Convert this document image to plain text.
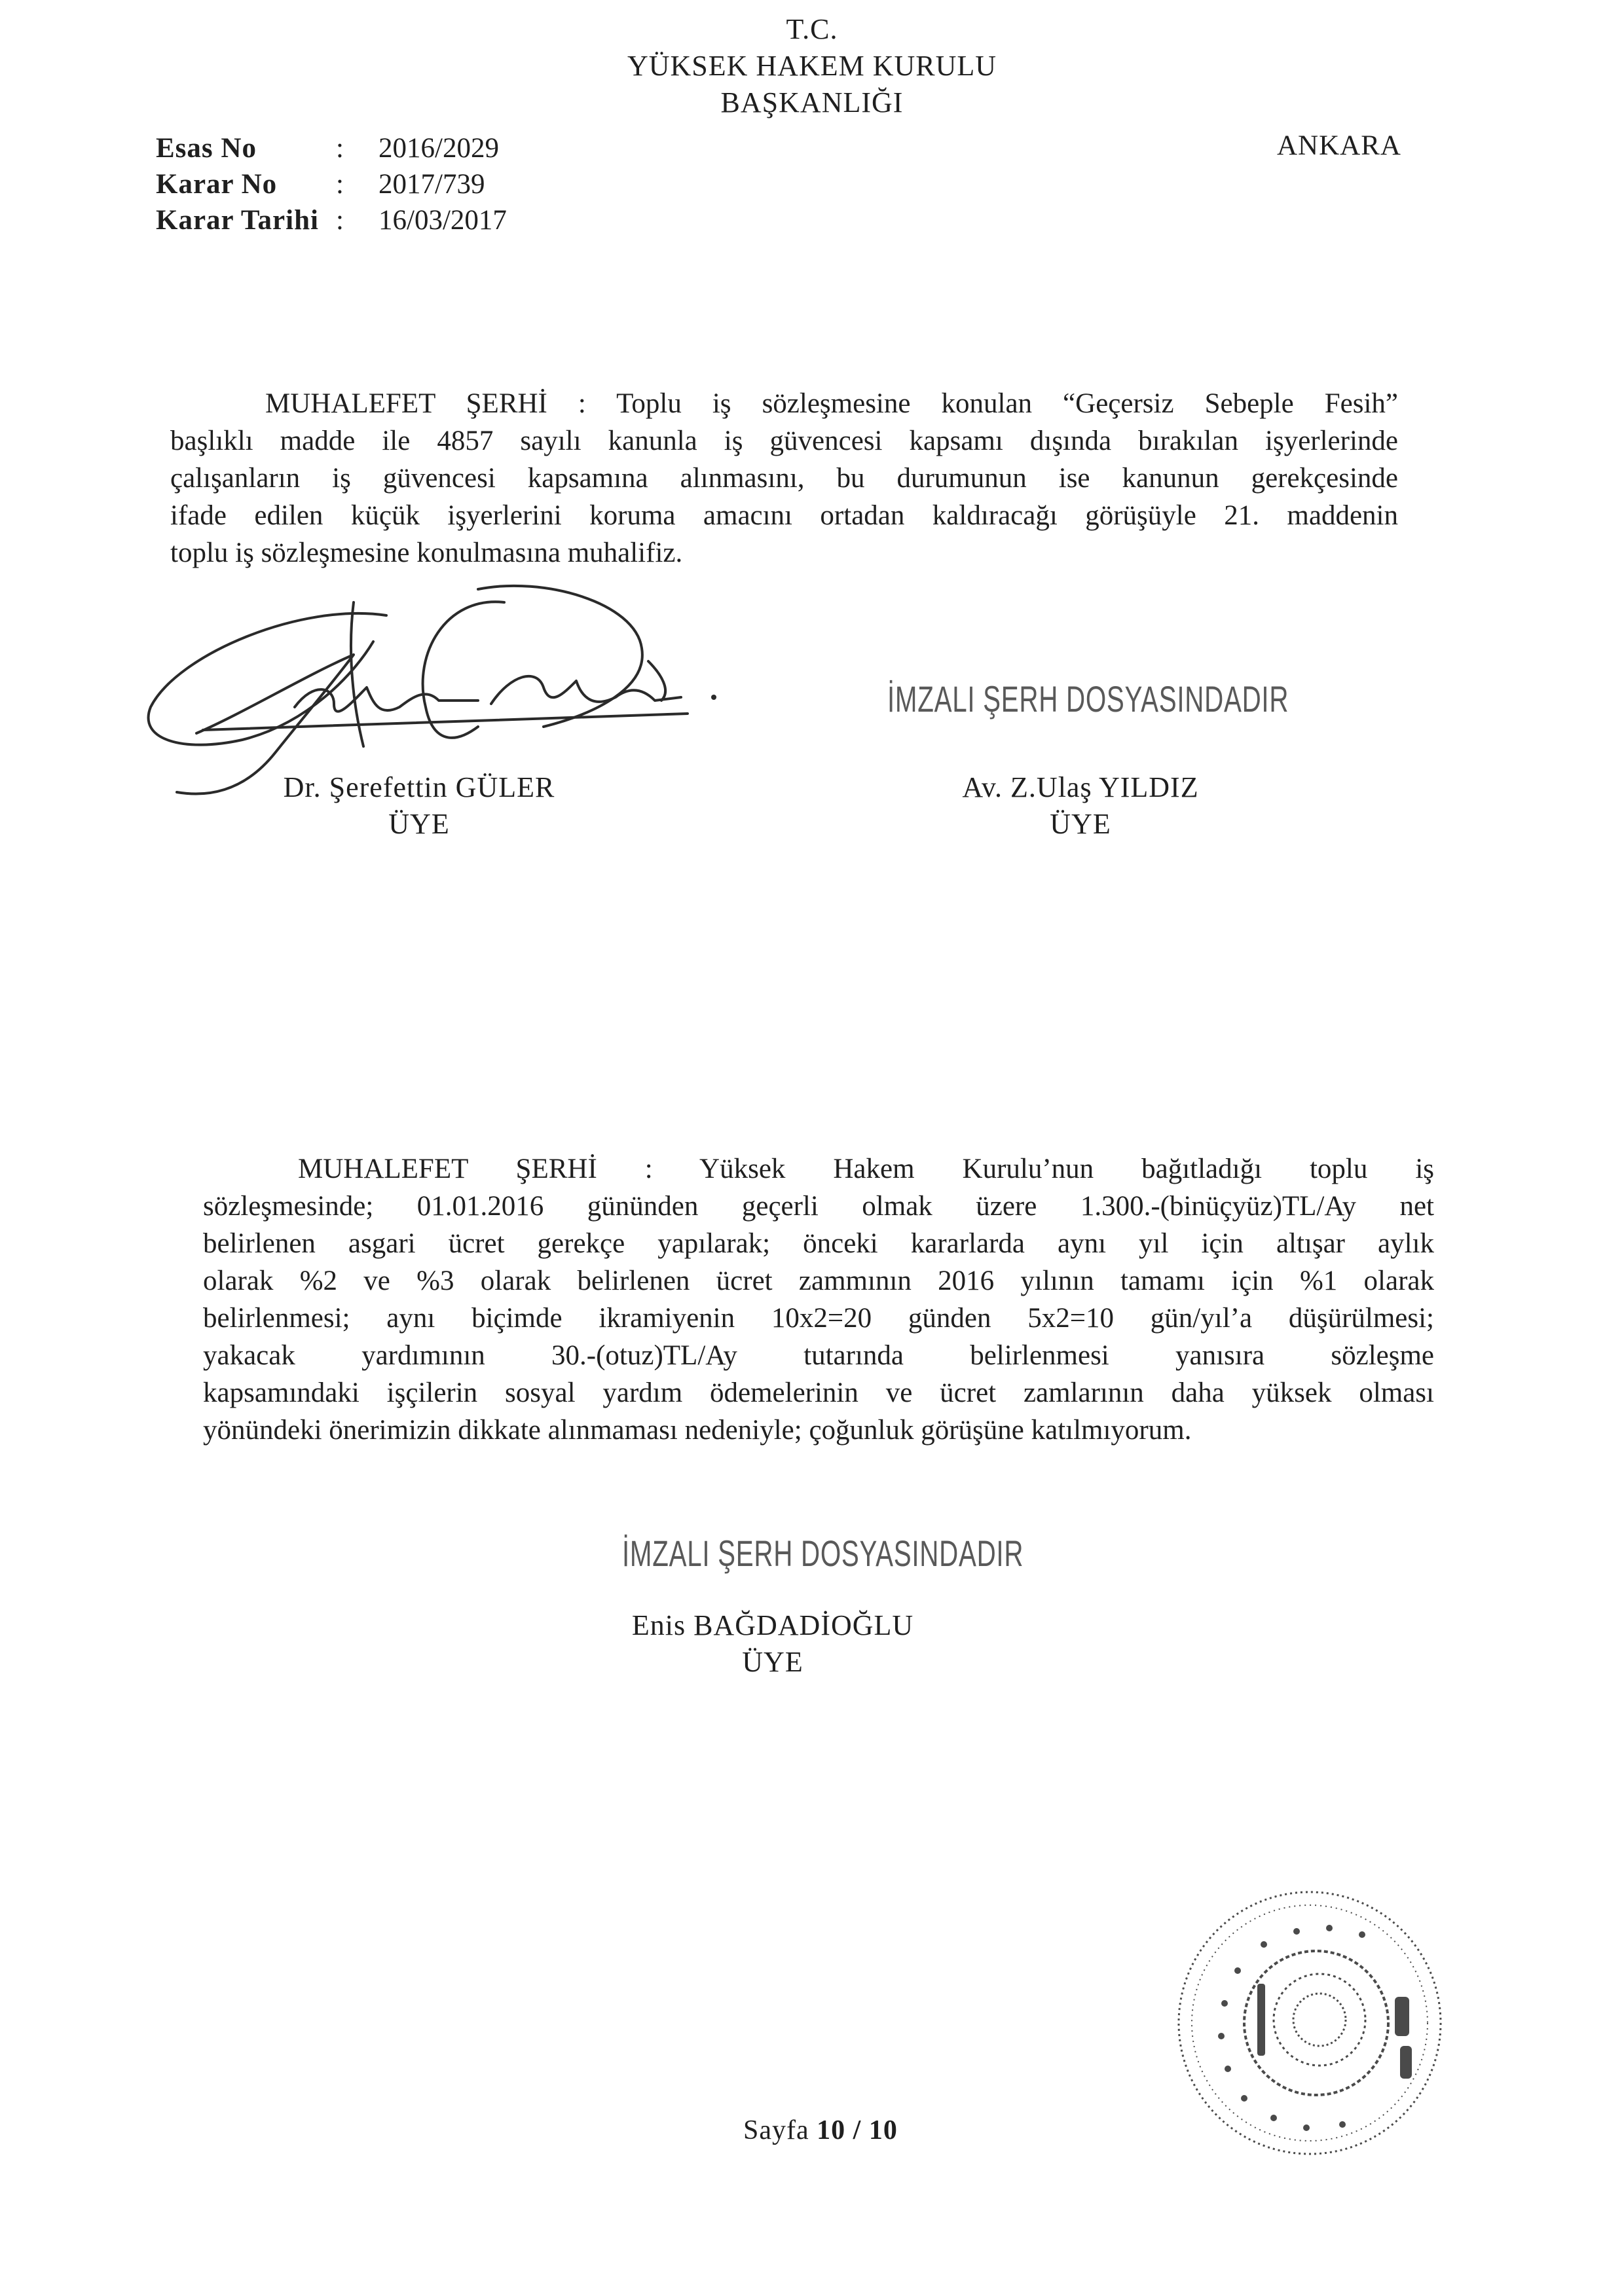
T.C.
YÜKSEK HAKEM KURULU
BAŞKANLIĞI
Esas No	:	2016/2029
Karar No	:	2017/739
Karar Tarihi :	16/03/2017
ANKARA
MUHALEFET ŞERHİ : Toplu iş sözleşmesine konulan “Geçersiz Sebeple Fesih”
başlıklı madde ile 4857 sayılı kanunla iş güvencesi kapsamı dışında bırakılan işyerlerinde
çalışanların iş güvencesi kapsamına alınmasını, bu durumunun ise kanunun gerekçesinde
ifade edilen küçük işyerlerini koruma amacını ortadan kaldıracağı görüşüyle 21. maddenin
toplu iş sözleşmesine konulmasına muhalifiz.
İMZALI ŞERH DOSYASINDADIR
Dr. Şerefettin GÜLER
ÜYE
Av. Z.Ulaş YILDIZ
ÜYE
MUHALEFET ŞERHİ : Yüksek Hakem Kurulu’nun bağıtladığı toplu iş
sözleşmesinde; 01.01.2016 gününden geçerli olmak üzere 1.300.-(binüçyüz)TL/Ay net
belirlenen asgari ücret gerekçe yapılarak; önceki kararlarda aynı yıl için altışar aylık
olarak %2 ve %3 olarak belirlenen ücret zammının 2016 yılının tamamı için %1 olarak
belirlenmesi; aynı biçimde ikramiyenin 10x2=20 günden 5x2=10 gün/yıl’a düşürülmesi;
yakacak yardımının 30.-(otuz)TL/Ay tutarında belirlenmesi yanısıra sözleşme
kapsamındaki işçilerin sosyal yardım ödemelerinin ve ücret zamlarının daha yüksek olması
yönündeki önerimizin dikkate alınmaması nedeniyle; çoğunluk görüşüne katılmıyorum.
İMZALI ŞERH DOSYASINDADIR
Enis BAĞDADİOĞLU
ÜYE
Sayfa 10 / 10
